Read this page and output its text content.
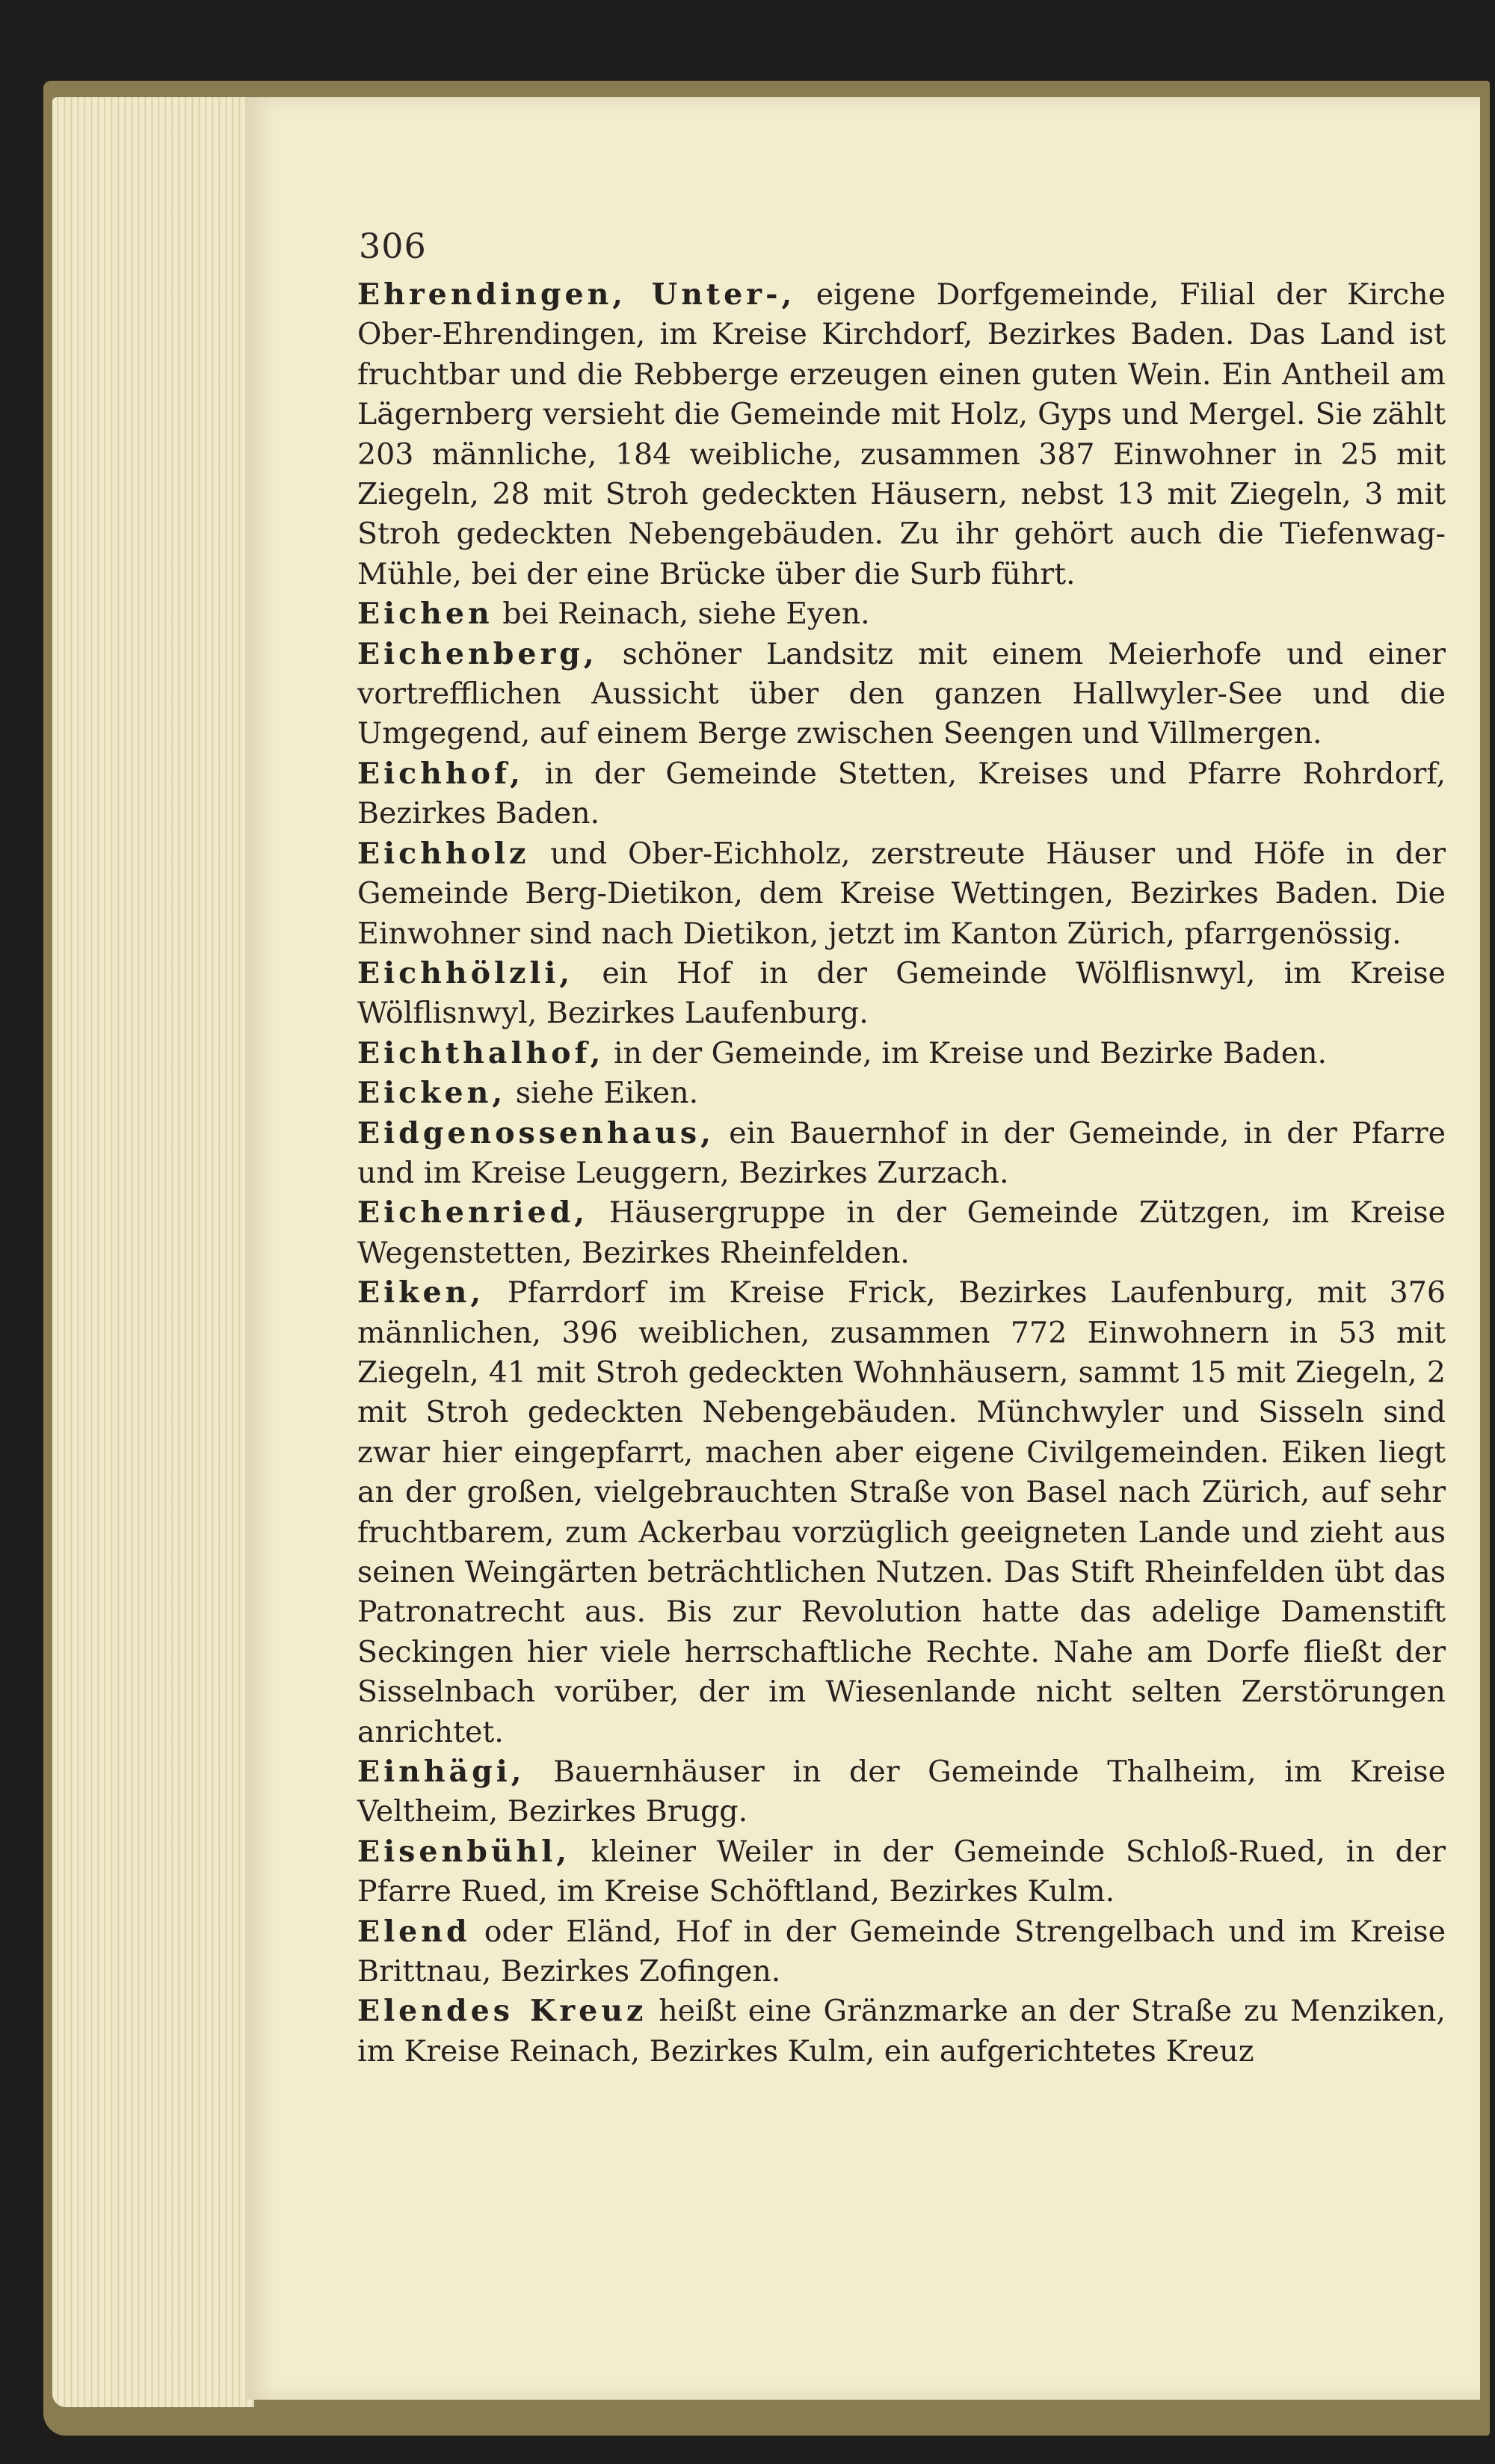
306

Ehrendingen, Unter-, eigene Dorfgemeinde, Filial der Kirche Ober-Ehrendingen, im Kreise Kirchdorf, Bezirkes Baden. Das Land ist fruchtbar und die Rebberge erzeugen einen guten Wein. Ein Antheil am Lägernberg versieht die Gemeinde mit Holz, Gyps und Mergel. Sie zählt 203 männliche, 184 weibliche, zusammen 387 Einwohner in 25 mit Ziegeln, 28 mit Stroh gedeckten Häusern, nebst 13 mit Ziegeln, 3 mit Stroh gedeckten Nebengebäuden. Zu ihr gehört auch die Tiefenwag-Mühle, bei der eine Brücke über die Surb führt.

Eichen bei Reinach, siehe Eyen.

Eichenberg, schöner Landsitz mit einem Meierhofe und einer vortrefflichen Aussicht über den ganzen Hallwyler-See und die Umgegend, auf einem Berge zwischen Seengen und Villmergen.

Eichhof, in der Gemeinde Stetten, Kreises und Pfarre Rohrdorf, Bezirkes Baden.

Eichholz und Ober-Eichholz, zerstreute Häuser und Höfe in der Gemeinde Berg-Dietikon, dem Kreise Wettingen, Bezirkes Baden. Die Einwohner sind nach Dietikon, jetzt im Kanton Zürich, pfarrgenössig.

Eichhölzli, ein Hof in der Gemeinde Wölflisnwyl, im Kreise Wölflisnwyl, Bezirkes Laufenburg.

Eichthalhof, in der Gemeinde, im Kreise und Bezirke Baden.

Eicken, siehe Eiken.

Eidgenossenhaus, ein Bauernhof in der Gemeinde, in der Pfarre und im Kreise Leuggern, Bezirkes Zurzach.

Eichenried, Häusergruppe in der Gemeinde Zützgen, im Kreise Wegenstetten, Bezirkes Rheinfelden.

Eiken, Pfarrdorf im Kreise Frick, Bezirkes Laufenburg, mit 376 männlichen, 396 weiblichen, zusammen 772 Einwohnern in 53 mit Ziegeln, 41 mit Stroh gedeckten Wohnhäusern, sammt 15 mit Ziegeln, 2 mit Stroh gedeckten Nebengebäuden. Münchwyler und Sisseln sind zwar hier eingepfarrt, machen aber eigene Civilgemeinden. Eiken liegt an der großen, vielgebrauchten Straße von Basel nach Zürich, auf sehr fruchtbarem, zum Ackerbau vorzüglich geeigneten Lande und zieht aus seinen Weingärten beträchtlichen Nutzen. Das Stift Rheinfelden übt das Patronatrecht aus. Bis zur Revolution hatte das adelige Damenstift Seckingen hier viele herrschaftliche Rechte. Nahe am Dorfe fließt der Sisselnbach vorüber, der im Wiesenlande nicht selten Zerstörungen anrichtet.

Einhägi, Bauernhäuser in der Gemeinde Thalheim, im Kreise Veltheim, Bezirkes Brugg.

Eisenbühl, kleiner Weiler in der Gemeinde Schloß-Rued, in der Pfarre Rued, im Kreise Schöftland, Bezirkes Kulm.

Elend oder Eländ, Hof in der Gemeinde Strengelbach und im Kreise Brittnau, Bezirkes Zofingen.

Elendes Kreuz heißt eine Gränzmarke an der Straße zu Menziken, im Kreise Reinach, Bezirkes Kulm, ein aufgerichtetes Kreuz
